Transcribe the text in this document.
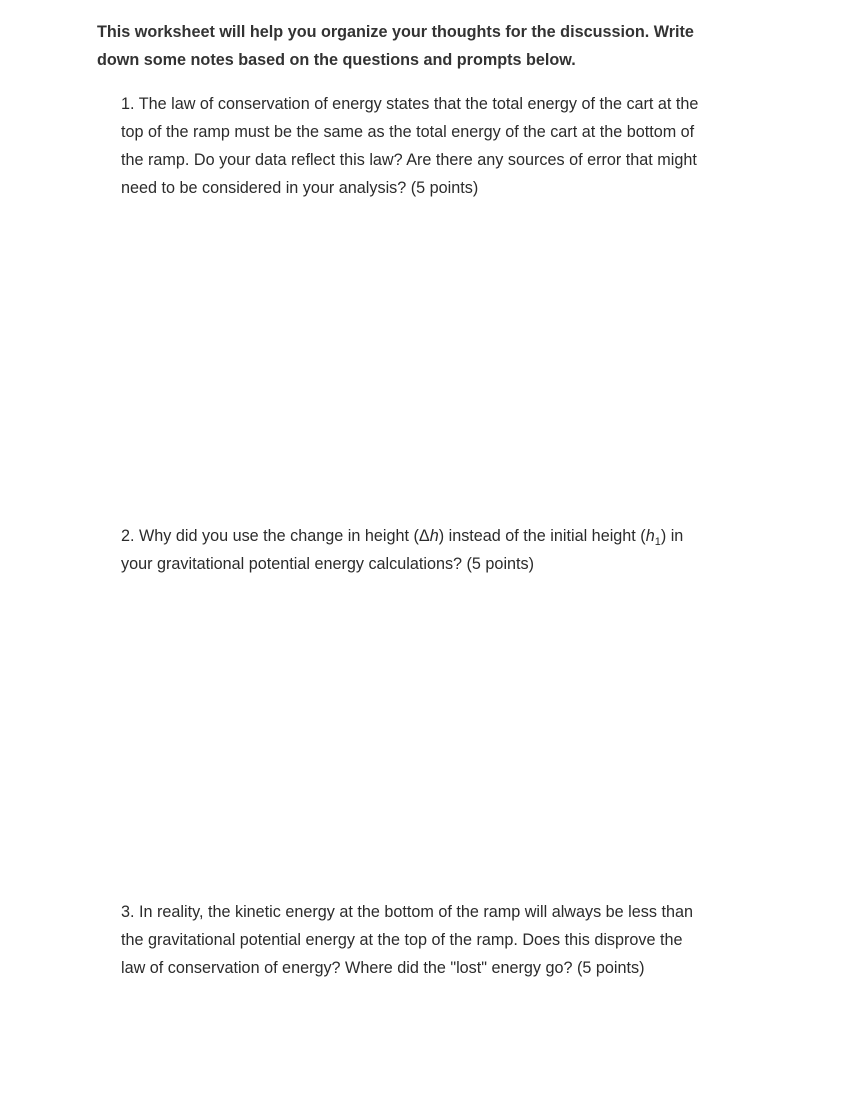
This worksheet will help you organize your thoughts for the discussion. Write down some notes based on the questions and prompts below.

1. The law of conservation of energy states that the total energy of the cart at the top of the ramp must be the same as the total energy of the cart at the bottom of the ramp. Do your data reflect this law? Are there any sources of error that might need to be considered in your analysis? (5 points)

2. Why did you use the change in height (Δh) instead of the initial height $(h_1)$ in your gravitational potential energy calculations? (5 points)

3. In reality, the kinetic energy at the bottom of the ramp will always be less than the gravitational potential energy at the top of the ramp. Does this disprove the law of conservation of energy? Where did the "lost" energy go? (5 points)
